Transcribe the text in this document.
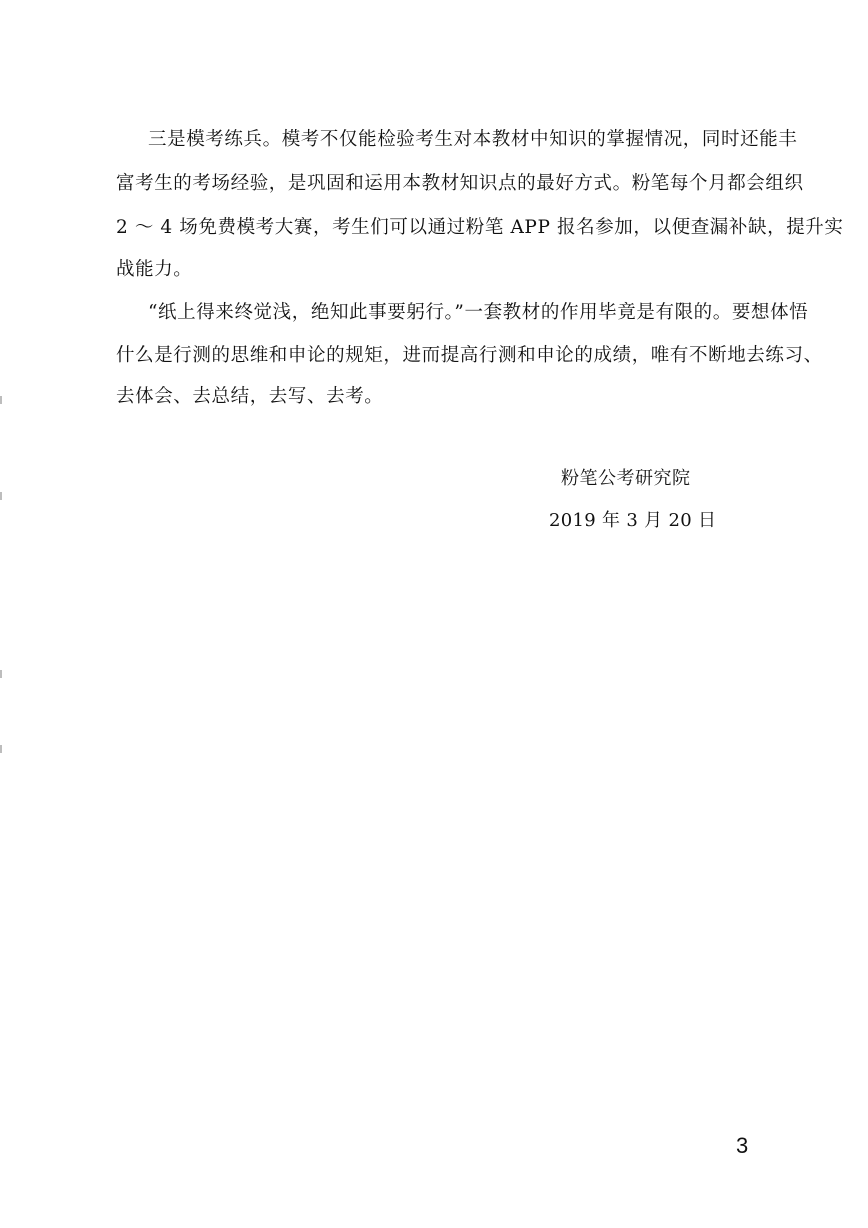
三是模考练兵。模考不仅能检验考生对本教材中知识的掌握情况，同时还能丰
富考生的考场经验，是巩固和运用本教材知识点的最好方式。粉笔每个月都会组织
2 ～ 4 场免费模考大赛，考生们可以通过粉笔 APP 报名参加，以便查漏补缺，提升实
战能力。
“纸上得来终觉浅，绝知此事要躬行。”一套教材的作用毕竟是有限的。要想体悟
什么是行测的思维和申论的规矩，进而提高行测和申论的成绩，唯有不断地去练习、
去体会、去总结，去写、去考。
粉笔公考研究院
2019 年 3 月 20 日
3
